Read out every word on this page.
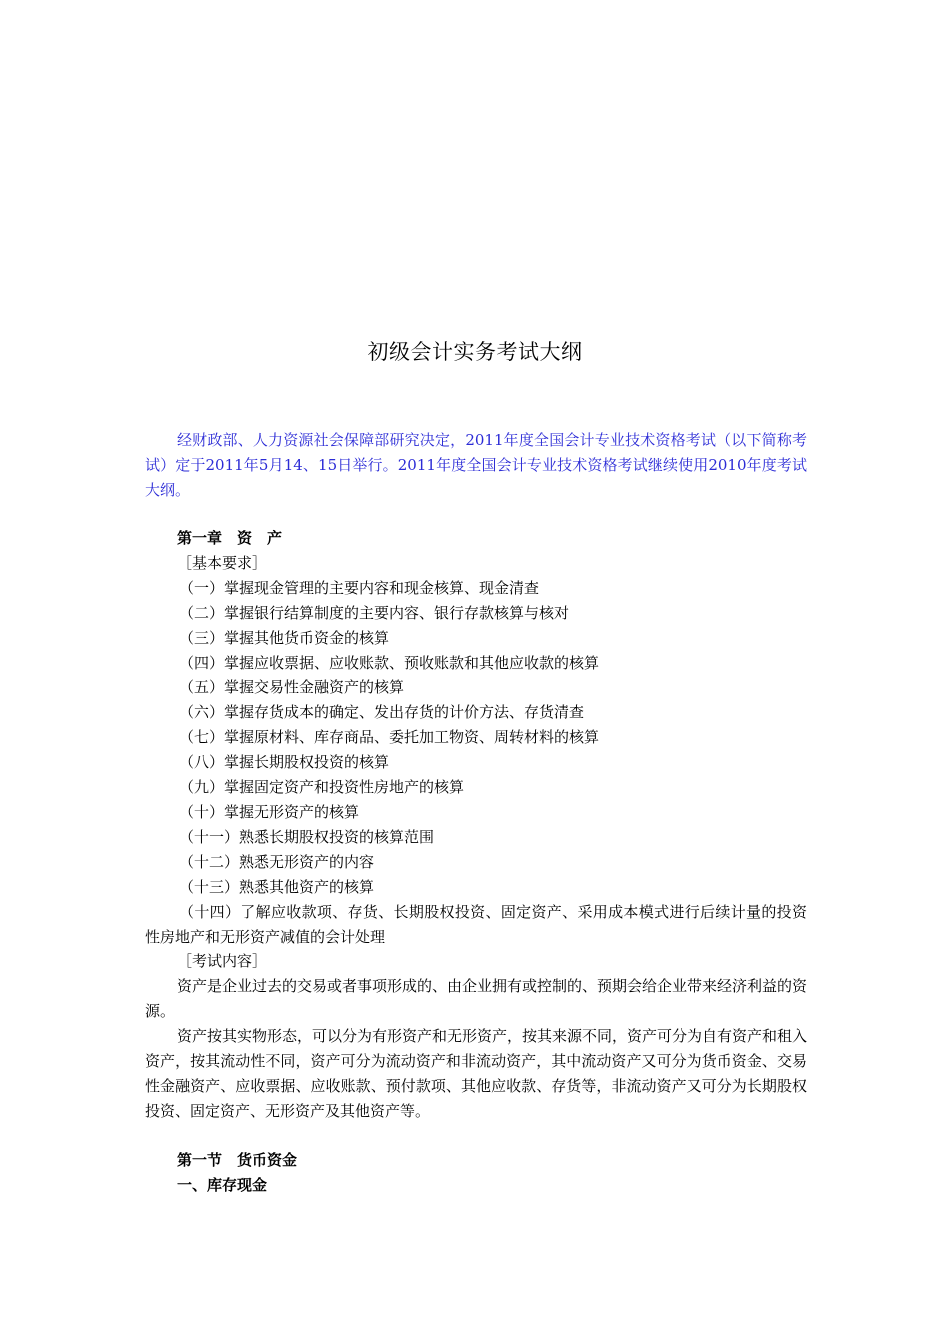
初级会计实务考试大纲

经财政部、人力资源社会保障部研究决定，2011年度全国会计专业技术资格考试（以下简称考试）定于2011年5月14、15日举行。2011年度全国会计专业技术资格考试继续使用2010年度考试大纲。

第一章　资　产

［基本要求］

（一）掌握现金管理的主要内容和现金核算、现金清查

（二）掌握银行结算制度的主要内容、银行存款核算与核对

（三）掌握其他货币资金的核算

（四）掌握应收票据、应收账款、预收账款和其他应收款的核算

（五）掌握交易性金融资产的核算

（六）掌握存货成本的确定、发出存货的计价方法、存货清查

（七）掌握原材料、库存商品、委托加工物资、周转材料的核算

（八）掌握长期股权投资的核算

（九）掌握固定资产和投资性房地产的核算

（十）掌握无形资产的核算

（十一）熟悉长期股权投资的核算范围

（十二）熟悉无形资产的内容

（十三）熟悉其他资产的核算

（十四）了解应收款项、存货、长期股权投资、固定资产、采用成本模式进行后续计量的投资性房地产和无形资产减值的会计处理

［考试内容］

资产是企业过去的交易或者事项形成的、由企业拥有或控制的、预期会给企业带来经济利益的资源。

资产按其实物形态，可以分为有形资产和无形资产，按其来源不同，资产可分为自有资产和租入资产，按其流动性不同，资产可分为流动资产和非流动资产，其中流动资产又可分为货币资金、交易性金融资产、应收票据、应收账款、预付款项、其他应收款、存货等，非流动资产又可分为长期股权投资、固定资产、无形资产及其他资产等。

第一节　货币资金

一、库存现金
